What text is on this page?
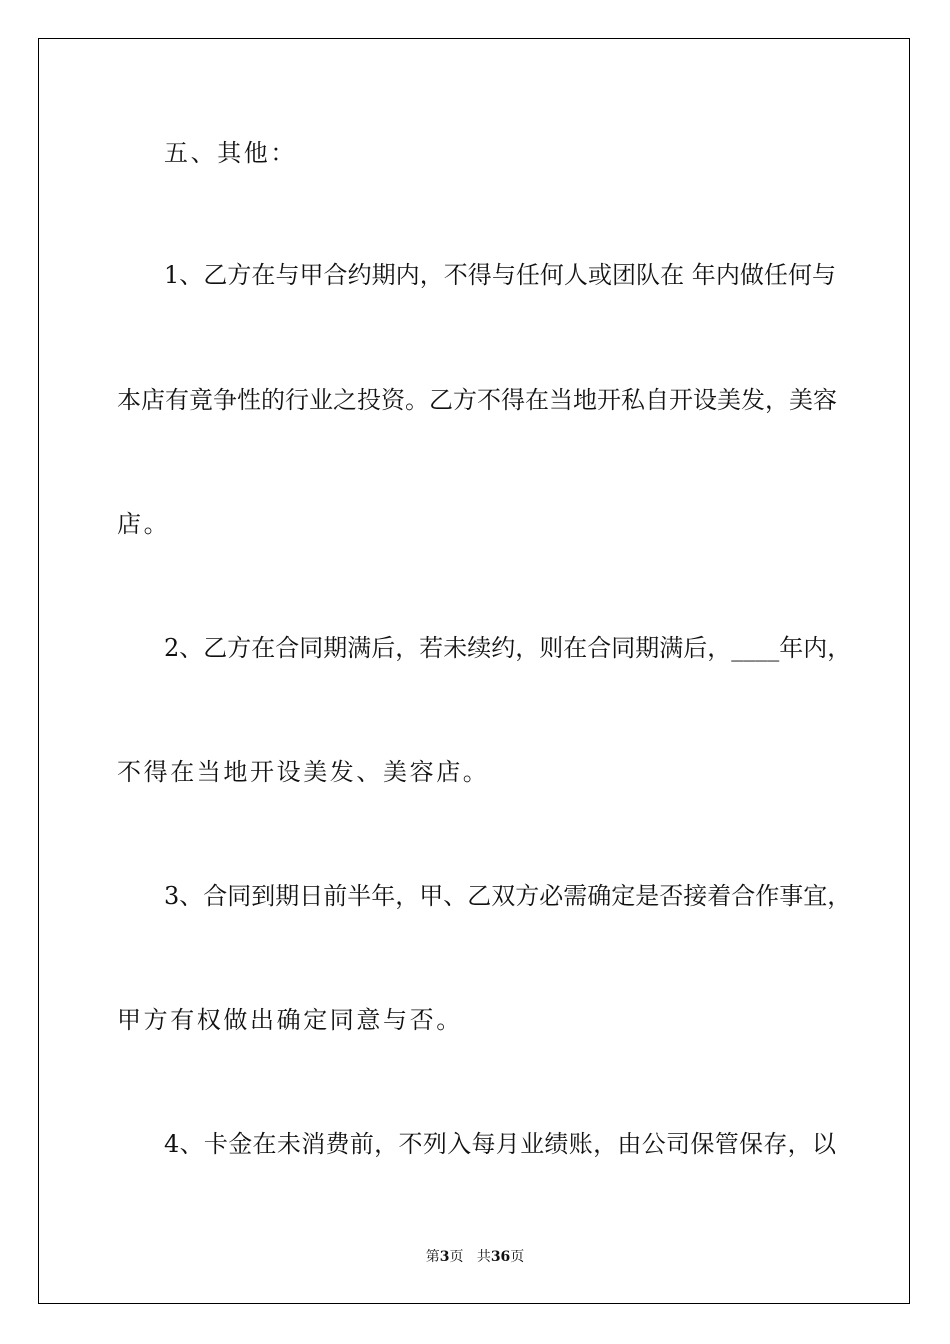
五、其他：
1、乙方在与甲合约期内，不得与任何人或团队在 年内做任何与
本店有竟争性的行业之投资。乙方不得在当地开私自开设美发，美容
店。
2、乙方在合同期满后，若未续约，则在合同期满后，____年内，
不得在当地开设美发、美容店。
3、合同到期日前半年，甲、乙双方必需确定是否接着合作事宜，
甲方有权做出确定同意与否。
4、卡金在未消费前，不列入每月业绩账，由公司保管保存，以
第3页 共36页
